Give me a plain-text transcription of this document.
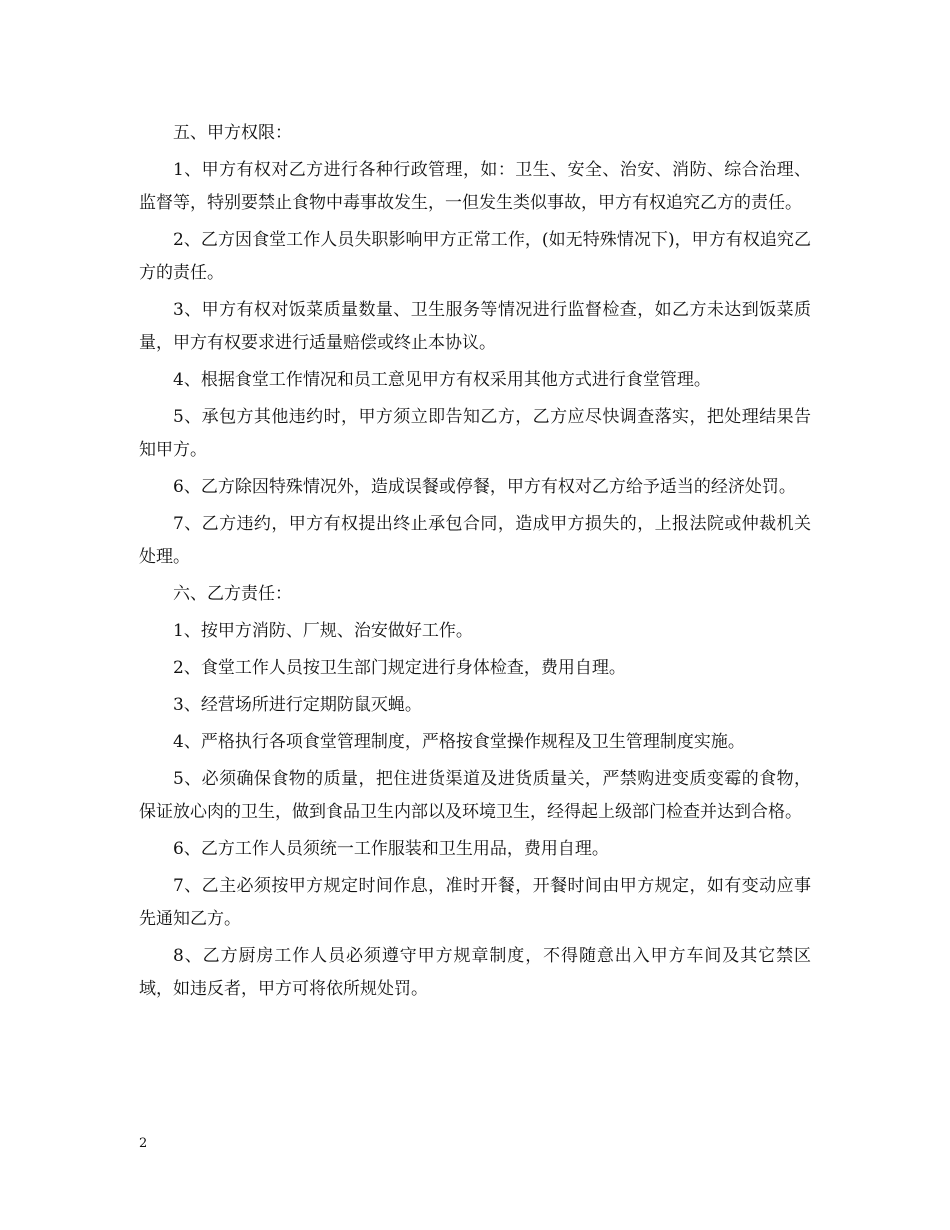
五、甲方权限：

1、甲方有权对乙方进行各种行政管理，如：卫生、安全、治安、消防、综合治理、监督等，特别要禁止食物中毒事故发生，一但发生类似事故，甲方有权追究乙方的责任。

2、乙方因食堂工作人员失职影响甲方正常工作，(如无特殊情况下)，甲方有权追究乙方的责任。

3、甲方有权对饭菜质量数量、卫生服务等情况进行监督检查，如乙方未达到饭菜质量，甲方有权要求进行适量赔偿或终止本协议。

4、根据食堂工作情况和员工意见甲方有权采用其他方式进行食堂管理。

5、承包方其他违约时，甲方须立即告知乙方，乙方应尽快调查落实，把处理结果告知甲方。

6、乙方除因特殊情况外，造成误餐或停餐，甲方有权对乙方给予适当的经济处罚。

7、乙方违约，甲方有权提出终止承包合同，造成甲方损失的，上报法院或仲裁机关处理。

六、乙方责任：

1、按甲方消防、厂规、治安做好工作。

2、食堂工作人员按卫生部门规定进行身体检查，费用自理。

3、经营场所进行定期防鼠灭蝇。

4、严格执行各项食堂管理制度，严格按食堂操作规程及卫生管理制度实施。

5、必须确保食物的质量，把住进货渠道及进货质量关，严禁购进变质变霉的食物，保证放心肉的卫生，做到食品卫生内部以及环境卫生，经得起上级部门检查并达到合格。

6、乙方工作人员须统一工作服装和卫生用品，费用自理。

7、乙主必须按甲方规定时间作息，准时开餐，开餐时间由甲方规定，如有变动应事先通知乙方。

8、乙方厨房工作人员必须遵守甲方规章制度，不得随意出入甲方车间及其它禁区域，如违反者，甲方可将依所规处罚。

2
